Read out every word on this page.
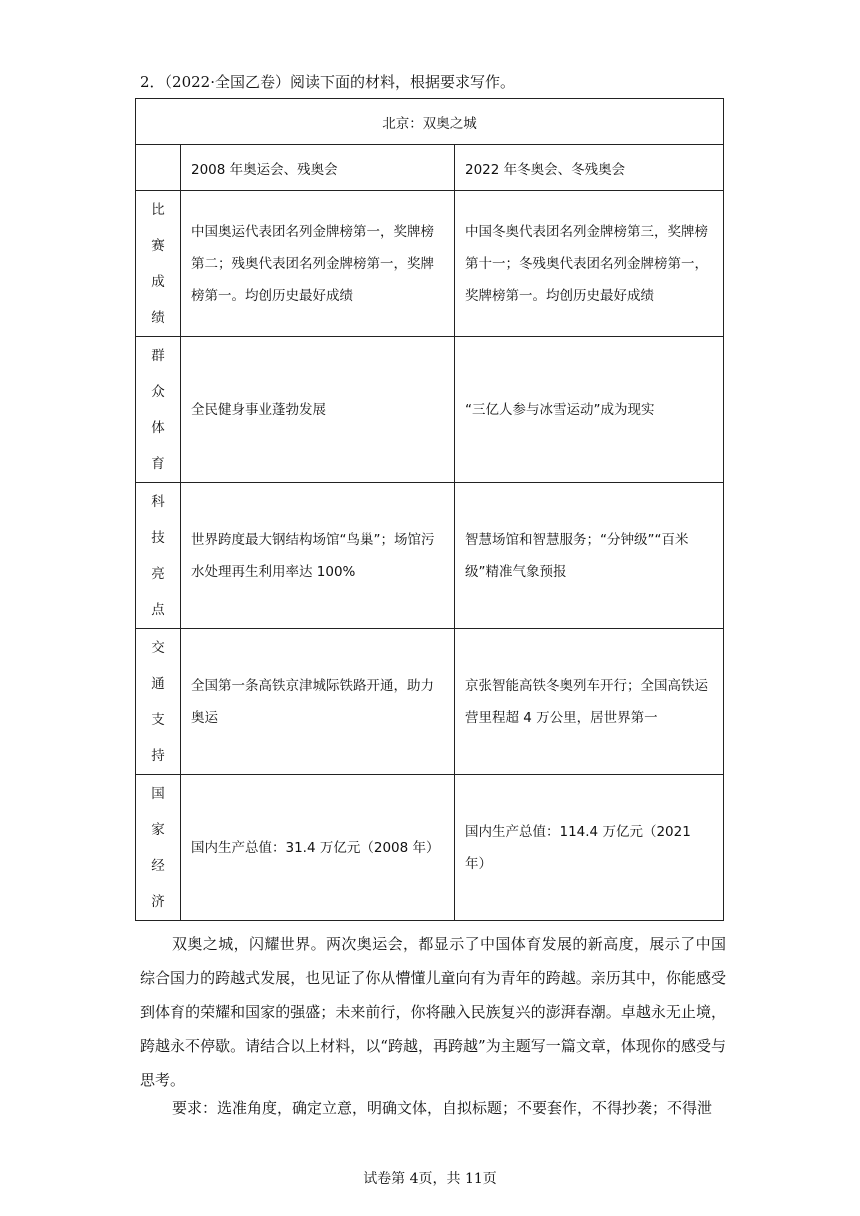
2．（2022·全国乙卷）阅读下面的材料，根据要求写作。
北京：双奥之城		
	2008 年奥运会、残奥会	2022 年冬奥会、冬残奥会

比
赛
成
绩	中国奥运代表团名列金牌榜第一，奖牌榜第二；残奥代表团名列金牌榜第一，奖牌榜第一。均创历史最好成绩	中国冬奥代表团名列金牌榜第三，奖牌榜第十一；冬残奥代表团名列金牌榜第一，奖牌榜第一。均创历史最好成绩

群
众
体
育	全民健身事业蓬勃发展	“三亿人参与冰雪运动”成为现实

科
技
亮
点	世界跨度最大钢结构场馆“鸟巢”；场馆污水处理再生利用率达 100%	智慧场馆和智慧服务；“分钟级”“百米级”精准气象预报

交
通
支
持	全国第一条高铁京津城际铁路开通，助力奥运	京张智能高铁冬奥列车开行；全国高铁运营里程超 4 万公里，居世界第一

国
家
经
济	国内生产总值：31.4 万亿元（2008 年）	国内生产总值：114.4 万亿元（2021 年）
双奥之城，闪耀世界。两次奥运会，都显示了中国体育发展的新高度，展示了中国综合国力的跨越式发展，也见证了你从懵懂儿童向有为青年的跨越。亲历其中，你能感受到体育的荣耀和国家的强盛；未来前行，你将融入民族复兴的澎湃春潮。卓越永无止境，跨越永不停歇。请结合以上材料，以“跨越，再跨越”为主题写一篇文章，体现你的感受与思考。
要求：选准角度，确定立意，明确文体，自拟标题；不要套作，不得抄袭；不得泄
试卷第 4页，共 11页
